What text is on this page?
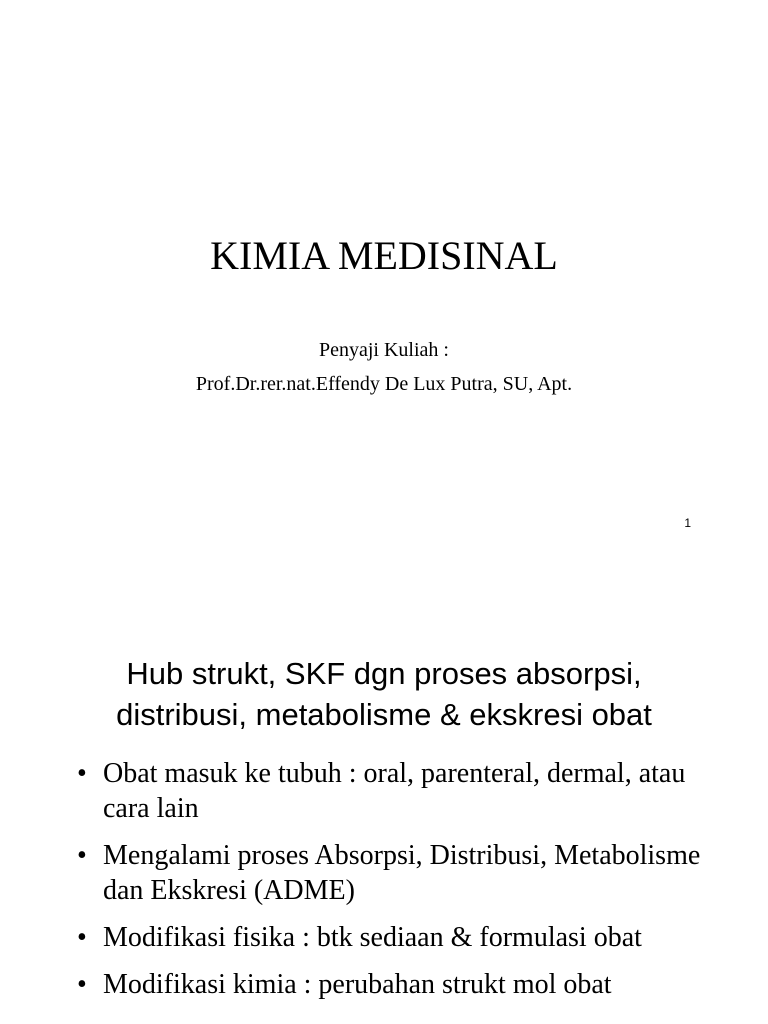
KIMIA MEDISINAL
Penyaji Kuliah :
Prof.Dr.rer.nat.Effendy De Lux Putra, SU, Apt.
1
Hub strukt, SKF dgn proses absorpsi,
distribusi, metabolisme & ekskresi obat
• Obat masuk ke tubuh : oral, parenteral, dermal, atau cara lain
• Mengalami proses Absorpsi, Distribusi, Metabolisme dan Ekskresi (ADME)
• Modifikasi fisika : btk sediaan & formulasi obat
• Modifikasi kimia : perubahan strukt mol obat
